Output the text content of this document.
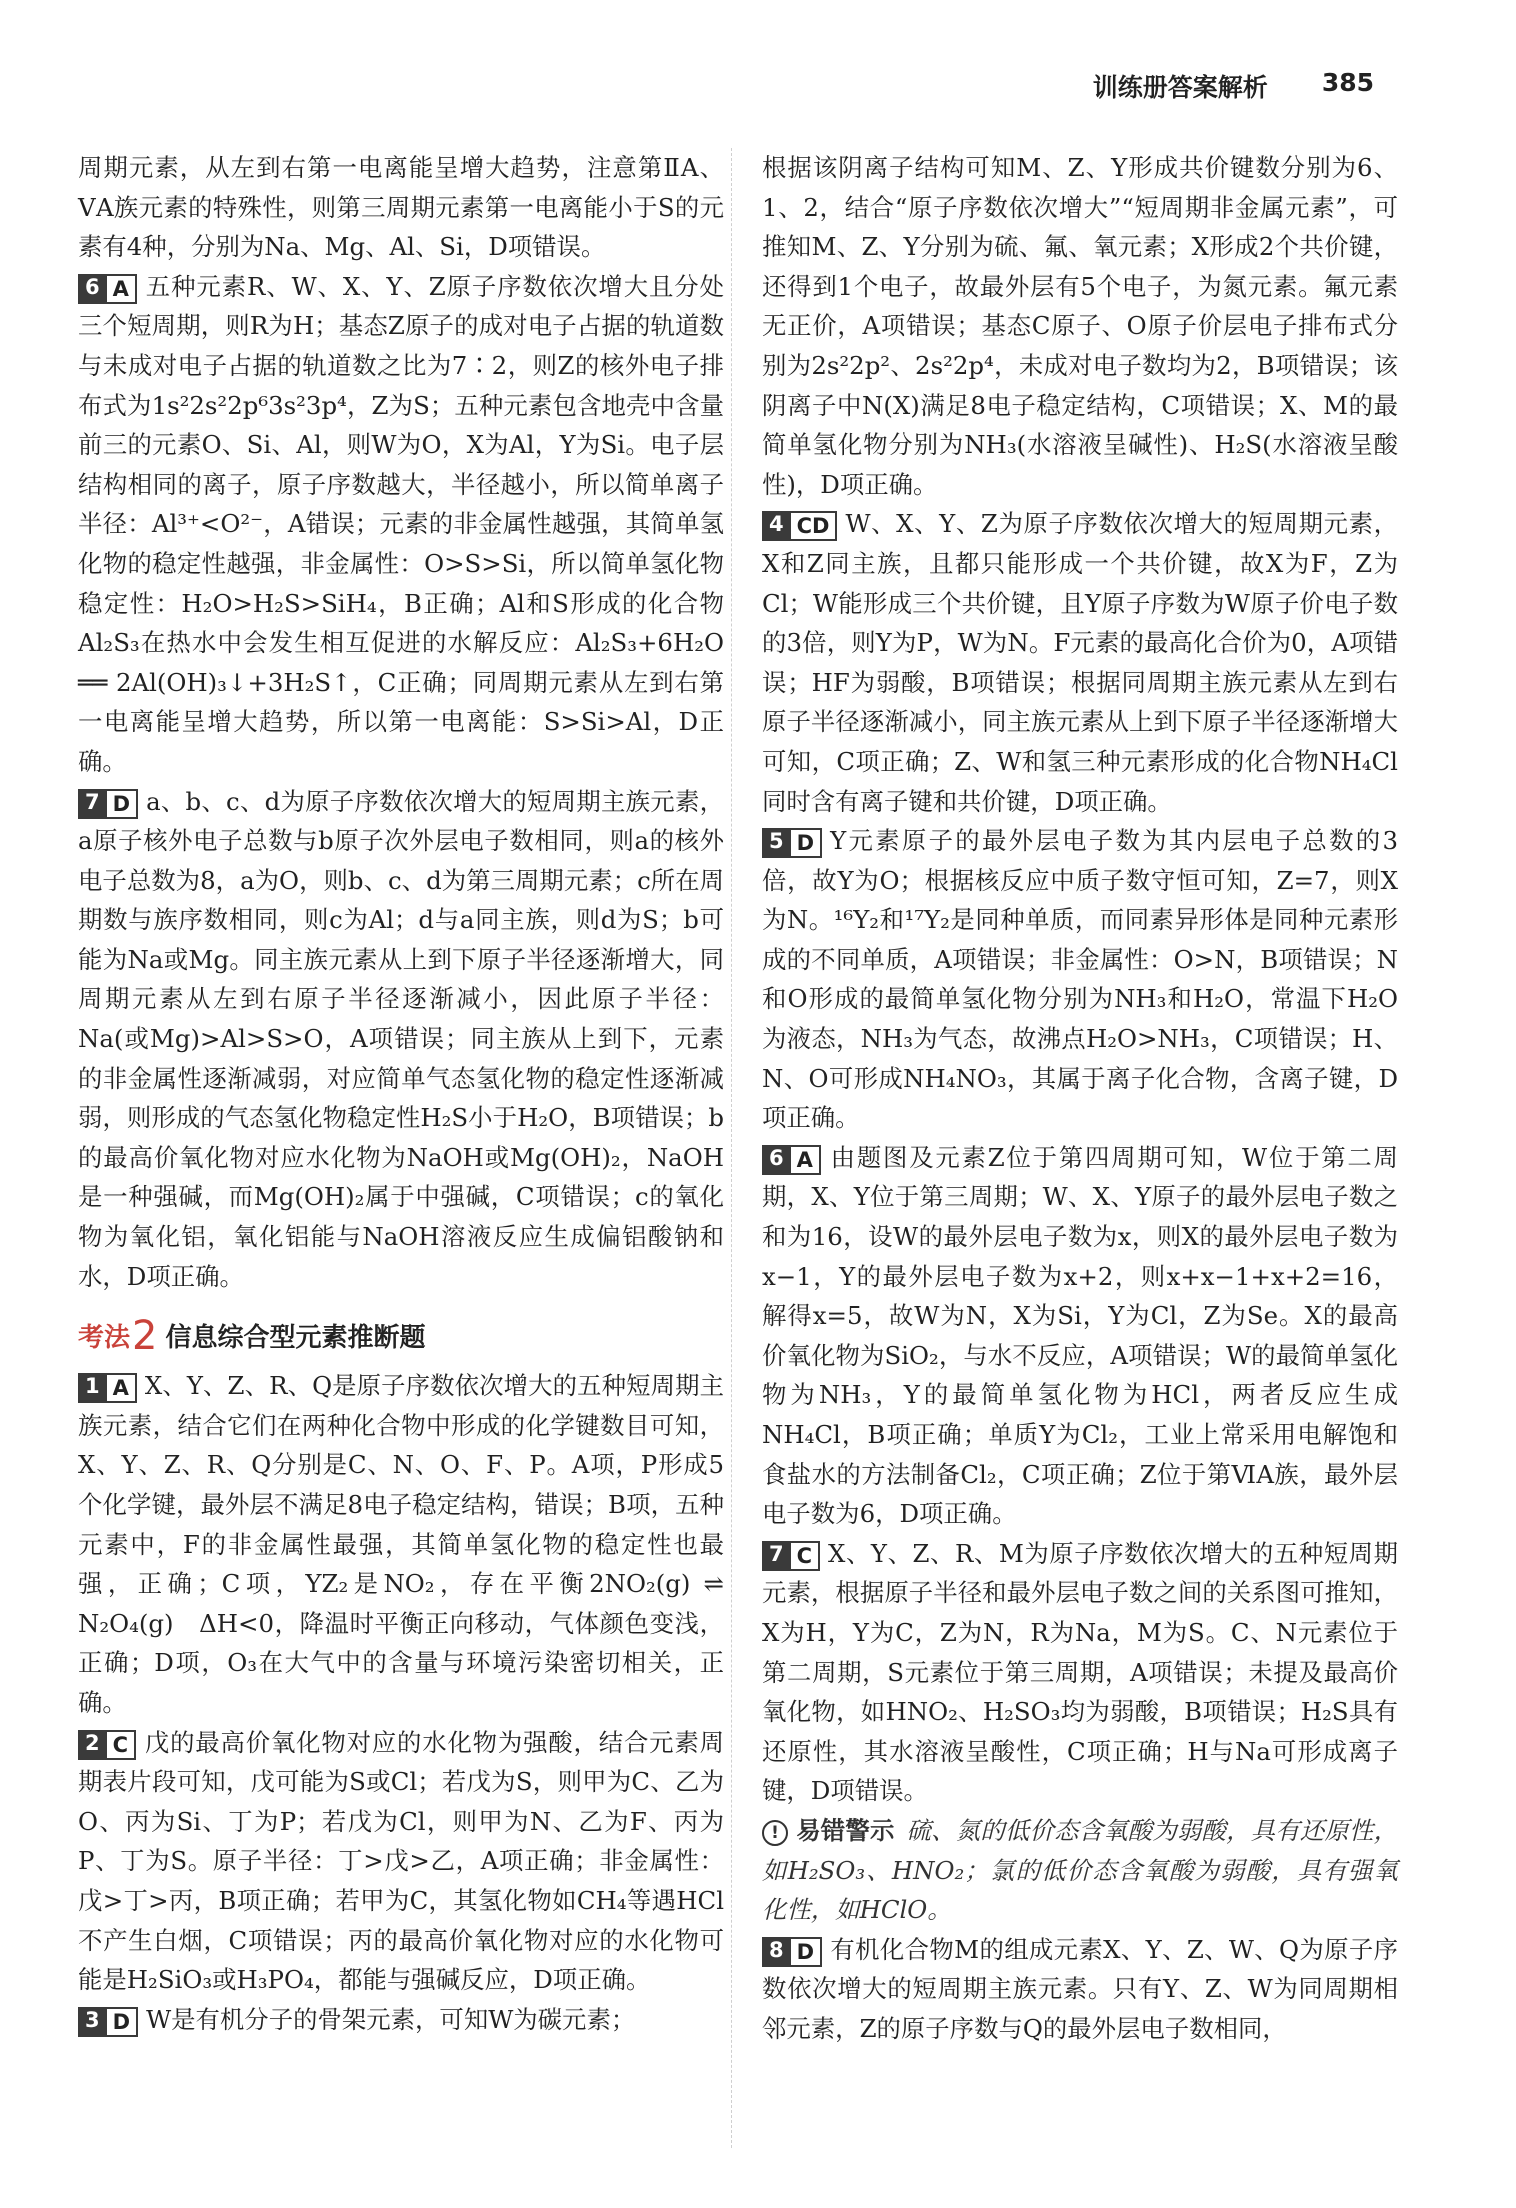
训练册答案解析 385

周期元素，从左到右第一电离能呈增大趋势，注意第ⅡA、ⅤA族元素的特殊性，则第三周期元素第一电离能小于S的元素有4种，分别为Na、Mg、Al、Si，D项错误。

6 A 五种元素R、W、X、Y、Z原子序数依次增大且分处三个短周期，则R为H；基态Z原子的成对电子占据的轨道数与未成对电子占据的轨道数之比为7∶2，则Z的核外电子排布式为1s²2s²2p⁶3s²3p⁴，Z为S；五种元素包含地壳中含量前三的元素O、Si、Al，则W为O，X为Al，Y为Si。电子层结构相同的离子，原子序数越大，半径越小，所以简单离子半径：Al³⁺<O²⁻，A错误；元素的非金属性越强，其简单氢化物的稳定性越强，非金属性：O>S>Si，所以简单氢化物稳定性：H₂O>H₂S>SiH₄，B正确；Al和S形成的化合物Al₂S₃在热水中会发生相互促进的水解反应：Al₂S₃+6H₂O ══ 2Al(OH)₃↓+3H₂S↑，C正确；同周期元素从左到右第一电离能呈增大趋势，所以第一电离能：S>Si>Al，D正确。

7 D a、b、c、d为原子序数依次增大的短周期主族元素，a原子核外电子总数与b原子次外层电子数相同，则a的核外电子总数为8，a为O，则b、c、d为第三周期元素；c所在周期数与族序数相同，则c为Al；d与a同主族，则d为S；b可能为Na或Mg。同主族元素从上到下原子半径逐渐增大，同周期元素从左到右原子半径逐渐减小，因此原子半径：Na(或Mg)>Al>S>O，A项错误；同主族从上到下，元素的非金属性逐渐减弱，对应简单气态氢化物的稳定性逐渐减弱，则形成的气态氢化物稳定性H₂S小于H₂O，B项错误；b的最高价氧化物对应水化物为NaOH或Mg(OH)₂，NaOH是一种强碱，而Mg(OH)₂属于中强碱，C项错误；c的氧化物为氧化铝，氧化铝能与NaOH溶液反应生成偏铝酸钠和水，D项正确。

考法2 信息综合型元素推断题

1 A X、Y、Z、R、Q是原子序数依次增大的五种短周期主族元素，结合它们在两种化合物中形成的化学键数目可知，X、Y、Z、R、Q分别是C、N、O、F、P。A项，P形成5个化学键，最外层不满足8电子稳定结构，错误；B项，五种元素中，F的非金属性最强，其简单氢化物的稳定性也最强，正确；C项，YZ₂是NO₂，存在平衡2NO₂(g) ⇌ N₂O₄(g)　ΔH<0，降温时平衡正向移动，气体颜色变浅，正确；D项，O₃在大气中的含量与环境污染密切相关，正确。

2 C 戊的最高价氧化物对应的水化物为强酸，结合元素周期表片段可知，戊可能为S或Cl；若戊为S，则甲为C、乙为O、丙为Si、丁为P；若戊为Cl，则甲为N、乙为F、丙为P、丁为S。原子半径：丁>戊>乙，A项正确；非金属性：戊>丁>丙，B项正确；若甲为C，其氢化物如CH₄等遇HCl不产生白烟，C项错误；丙的最高价氧化物对应的水化物可能是H₂SiO₃或H₃PO₄，都能与强碱反应，D项正确。

3 D W是有机分子的骨架元素，可知W为碳元素；

根据该阴离子结构可知M、Z、Y形成共价键数分别为6、1、2，结合“原子序数依次增大”“短周期非金属元素”，可推知M、Z、Y分别为硫、氟、氧元素；X形成2个共价键，还得到1个电子，故最外层有5个电子，为氮元素。氟元素无正价，A项错误；基态C原子、O原子价层电子排布式分别为2s²2p²、2s²2p⁴，未成对电子数均为2，B项错误；该阴离子中N(X)满足8电子稳定结构，C项错误；X、M的最简单氢化物分别为NH₃(水溶液呈碱性)、H₂S(水溶液呈酸性)，D项正确。

4 CD W、X、Y、Z为原子序数依次增大的短周期元素，X和Z同主族，且都只能形成一个共价键，故X为F，Z为Cl；W能形成三个共价键，且Y原子序数为W原子价电子数的3倍，则Y为P，W为N。F元素的最高化合价为0，A项错误；HF为弱酸，B项错误；根据同周期主族元素从左到右原子半径逐渐减小，同主族元素从上到下原子半径逐渐增大可知，C项正确；Z、W和氢三种元素形成的化合物NH₄Cl同时含有离子键和共价键，D项正确。

5 D Y元素原子的最外层电子数为其内层电子总数的3倍，故Y为O；根据核反应中质子数守恒可知，Z=7，则X为N。¹⁶Y₂和¹⁷Y₂是同种单质，而同素异形体是同种元素形成的不同单质，A项错误；非金属性：O>N，B项错误；N和O形成的最简单氢化物分别为NH₃和H₂O，常温下H₂O为液态，NH₃为气态，故沸点H₂O>NH₃，C项错误；H、N、O可形成NH₄NO₃，其属于离子化合物，含离子键，D项正确。

6 A 由题图及元素Z位于第四周期可知，W位于第二周期，X、Y位于第三周期；W、X、Y原子的最外层电子数之和为16，设W的最外层电子数为x，则X的最外层电子数为x−1，Y的最外层电子数为x+2，则x+x−1+x+2=16，解得x=5，故W为N，X为Si，Y为Cl，Z为Se。X的最高价氧化物为SiO₂，与水不反应，A项错误；W的最简单氢化物为NH₃，Y的最简单氢化物为HCl，两者反应生成NH₄Cl，B项正确；单质Y为Cl₂，工业上常采用电解饱和食盐水的方法制备Cl₂，C项正确；Z位于第ⅥA族，最外层电子数为6，D项正确。

7 C X、Y、Z、R、M为原子序数依次增大的五种短周期元素，根据原子半径和最外层电子数之间的关系图可推知，X为H，Y为C，Z为N，R为Na，M为S。C、N元素位于第二周期，S元素位于第三周期，A项错误；未提及最高价氧化物，如HNO₂、H₂SO₃均为弱酸，B项错误；H₂S具有还原性，其水溶液呈酸性，C项正确；H与Na可形成离子键，D项错误。

! 易错警示 硫、氮的低价态含氧酸为弱酸，具有还原性，如H₂SO₃、HNO₂；氯的低价态含氧酸为弱酸，具有强氧化性，如HClO。

8 D 有机化合物M的组成元素X、Y、Z、W、Q为原子序数依次增大的短周期主族元素。只有Y、Z、W为同周期相邻元素，Z的原子序数与Q的最外层电子数相同，
